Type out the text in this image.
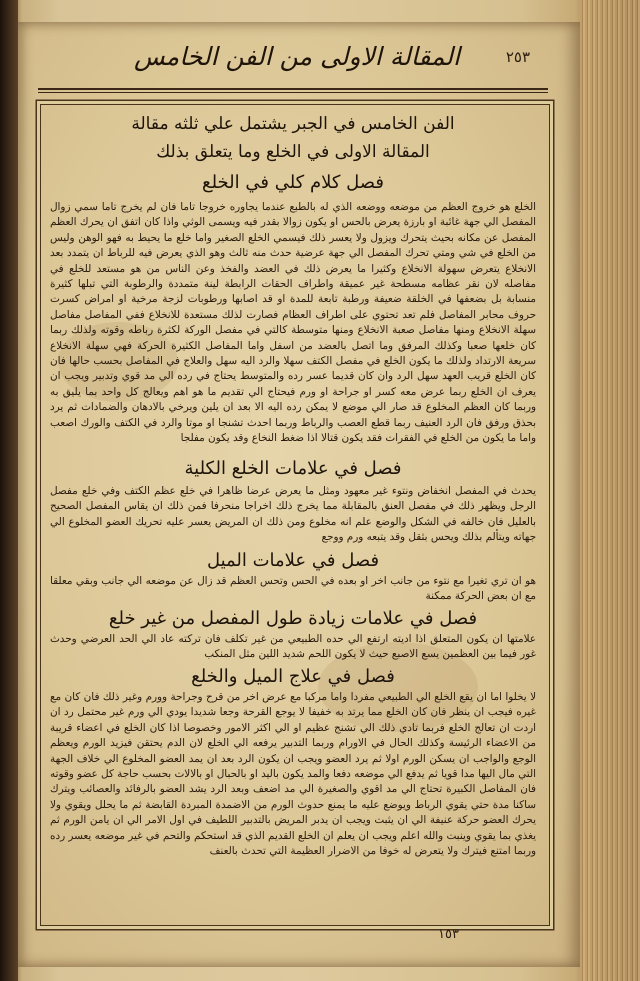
٢٥٣
المقالة الاولى من الفن الخامس
الفن الخامس في الجبر يشتمل علي ثلثه مقالة
المقالة الاولى في الخلع وما يتعلق بذلك
فصل كلام كلي في الخلع
الخلع هو خروج العظم من موضعه ووضعه الذي له بالطبع عندما يجاوره خروجا تاما فان لم يخرج تاما سمي زوال المفصل الي جهة غائبة او بارزة يعرض بالحس او يكون زوالا بقدر فيه ويسمى الوثي واذا كان اتفق ان يحرك العظم المفصل عن مكانه بحيث يتحرك ويزول ولا يعسر ذلك فيسمي الخلع الصغير واما خلع ما يحيط به فهو الوهن وليس من الخلع في شي ومتي تحرك المفصل الي جهة عرضية حدث منه ثالث وهو الذي يعرض فيه للرباط ان يتمدد بعد الانخلاع يتعرض سهولة الانخلاع وكثيرا ما يعرض ذلك في العضد والفخذ وعن الناس من هو مستعد للخلع في مفاصله لان نقر عظامه مسطحة غير عميقة واطراف الحقات الرابطة لينة متمددة والرطوبة التي تبلها كثيرة منسابة بل بضعفها في الخلقة ضعيفة ورطبة تابعة للمدة او قد اصابها ورطوبات لزجة مرخية او امراض كسرت حروف محابر المفاصل فلم تعد تحتوي على اطراف العظام فصارت لذلك مستعدة للانخلاع ففي المفاصل مفاصل سهلة الانخلاع ومنها مفاصل صعبة الانخلاع ومنها متوسطة كالتي في مفصل الوركة لكثرة رباطه وقوته ولذلك ربما كان خلعها صعبا وكذلك المرفق وما اتصل بالعضد من اسفل واما المفاصل الكثيرة الحركة فهي سهلة الانخلاع سريعة الارتداد ولذلك ما يكون الخلع في مفصل الكتف سهلا والرد اليه سهل والعلاج في المفاصل بحسب حالها فان كان الخلع قريب العهد سهل الرد وان كان قديما عسر رده والمتوسط يحتاج في رده الي مد قوي وتدبير ويجب ان يعرف ان الخلع ربما عرض معه كسر او جراحة او ورم فيحتاج الي تقديم ما هو اهم ويعالج كل واحد بما يليق به وربما كان العظم المخلوع قد صار الي موضع لا يمكن رده اليه الا بعد ان يلين ويرخي بالادهان والضمادات ثم يرد بحذق ورفق فان الرد العنيف ربما قطع العصب والرباط وربما احدث تشنجا او موتا والرد في الكتف والورك اصعب واما ما يكون من الخلع في الفقرات فقد يكون قتالا اذا ضغط النخاع وقد يكون مفلجا
فصل في علامات الخلع الكلية
يحدث في المفصل انخفاض ونتوء غير معهود ومثل ما يعرض عرضا ظاهرا في خلع عظم الكتف وفي خلع مفصل الرجل ويظهر ذلك في مفصل العنق بالمقابلة مما يخرج ذلك اخراجا منحرفا فمن ذلك ان يقاس المفصل الصحيح بالعليل فان خالفه في الشكل والوضع علم انه مخلوع ومن ذلك ان المريض يعسر عليه تحريك العضو المخلوع الي جهاته ويتألم بذلك ويحس بثقل وقد يتبعه ورم ووجع
فصل في علامات الميل
هو ان تري تغيرا مع نتوء من جانب اخر او بعده في الحس وتحس العظم قد زال عن موضعه الي جانب وبقي معلقا مع ان بعض الحركة ممكنة
فصل في علامات زيادة طول المفصل من غير خلع
علامتها ان يكون المتعلق اذا اديته ارتفع الي حده الطبيعي من غير تكلف فان تركته عاد الي الحد العرضي وحدث غور فيما بين العظمين يسع الاصبع حيث لا يكون اللحم شديد اللين مثل المنكب
فصل في علاج الميل والخلع
لا يخلوا اما ان يقع الخلع الي الطبيعي مفردا واما مركبا مع عرض اخر من قرح وجراحة وورم وغير ذلك فان كان مع غيره فيجب ان ينظر فان كان الخلع مما يرتد به خفيفا لا يوجع القرحة وجعا شديدا يودي الي ورم غير محتمل رد ان اردت ان تعالج الخلع فربما تادي ذلك الي تشنج عظيم او الي اكثر الامور وخصوصا اذا كان الخلع في اعضاء قريبة من الاعضاء الرئيسة وكذلك الحال في الاورام وربما التدبير يرفعه الي الخلع لان الدم يحتقن فيزيد الورم ويعظم الوجع والواجب ان يسكن الورم اولا ثم يرد العضو ويجب ان يكون الرد بعد ان يمد العضو المخلوع الي خلاف الجهة التي مال اليها مدا قويا ثم يدفع الي موضعه دفعا والمد يكون باليد او بالحبال او بالالات بحسب حاجة كل عضو وقوته فان المفاصل الكبيرة تحتاج الي مد اقوي والصغيرة الي مد اضعف وبعد الرد يشد العضو بالرفائد والعصائب ويترك ساكنا مدة حتي يقوي الرباط ويوضع عليه ما يمنع حدوث الورم من الاضمدة المبردة القابضة ثم ما يحلل ويقوي ولا يحرك العضو حركة عنيفة الي ان يثبت ويجب ان يدبر المريض بالتدبير اللطيف في اول الامر الي ان يامن الورم ثم يغذي بما يقوي وينبت والله اعلم ويجب ان يعلم ان الخلع القديم الذي قد استحكم والتحم في غير موضعه يعسر رده وربما امتنع فيترك ولا يتعرض له خوفا من الاضرار العظيمة التي تحدث بالعنف
١٥٣
